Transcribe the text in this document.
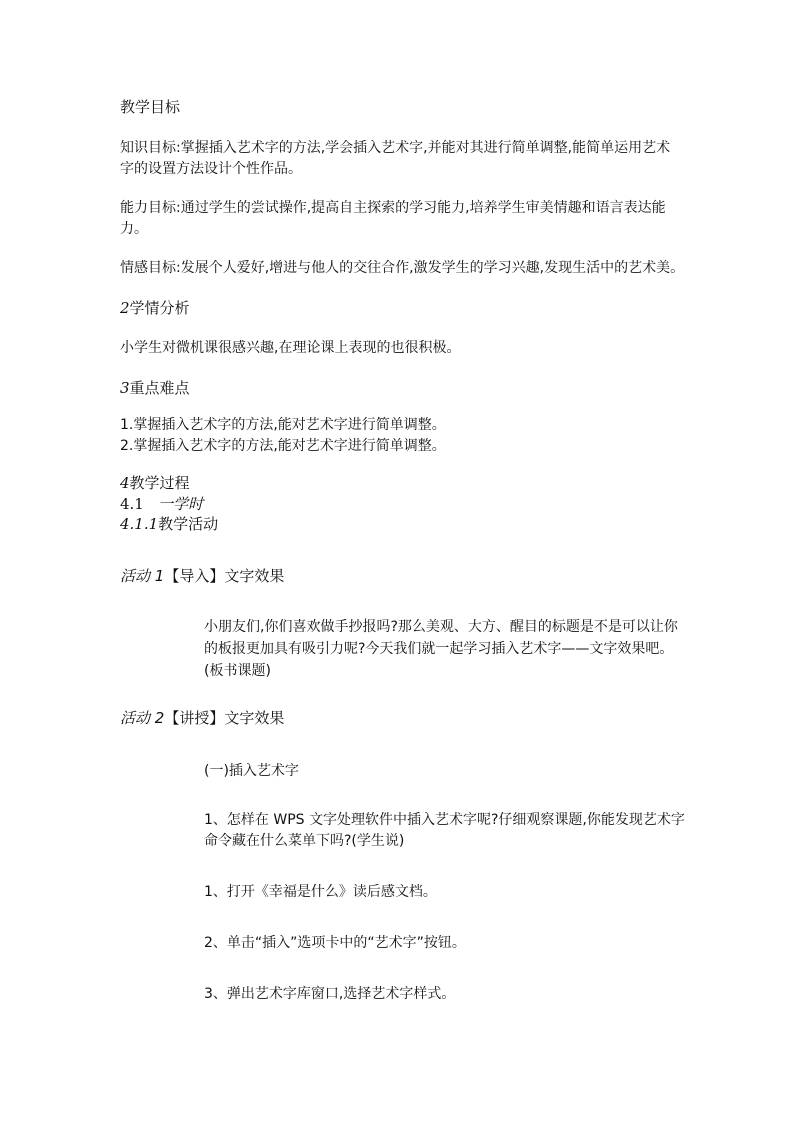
教学目标
知识目标:掌握插入艺术字的方法,学会插入艺术字,并能对其进行简单调整,能简单运用艺术
字的设置方法设计个性作品。
能力目标:通过学生的尝试操作,提高自主探索的学习能力,培养学生审美情趣和语言表达能
力。
情感目标:发展个人爱好,增进与他人的交往合作,激发学生的学习兴趣,发现生活中的艺术美。
2学情分析
小学生对微机课很感兴趣,在理论课上表现的也很积极。
3重点难点
1.掌握插入艺术字的方法,能对艺术字进行简单调整。
2.掌握插入艺术字的方法,能对艺术字进行简单调整。
4教学过程
4.1 一学时
4.1.1教学活动
活动 1【导入】文字效果
小朋友们,你们喜欢做手抄报吗?那么美观、大方、醒目的标题是不是可以让你
的板报更加具有吸引力呢?今天我们就一起学习插入艺术字——文字效果吧。
(板书课题)
活动 2【讲授】文字效果
(一)插入艺术字
1、怎样在 WPS 文字处理软件中插入艺术字呢?仔细观察课题,你能发现艺术字
命令藏在什么菜单下吗?(学生说)
1、打开《幸福是什么》读后感文档。
2、单击“插入”选项卡中的“艺术字”按钮。
3、弹出艺术字库窗口,选择艺术字样式。
